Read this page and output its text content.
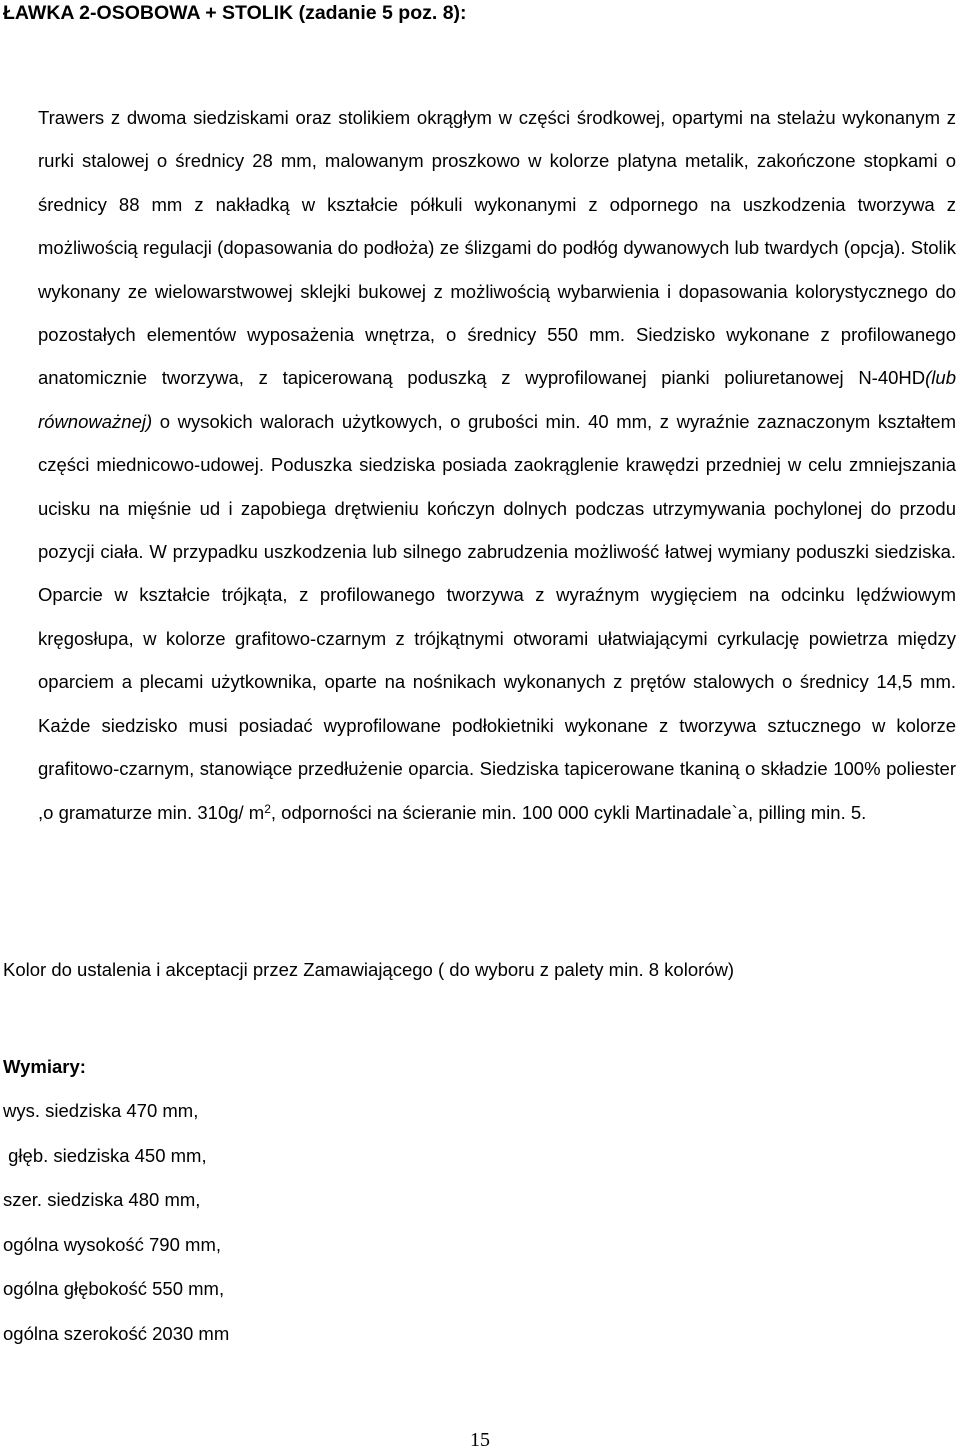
ŁAWKA 2-OSOBOWA + STOLIK (zadanie 5 poz. 8):

Trawers z dwoma siedziskami oraz stolikiem okrągłym w części środkowej, opartymi na stelażu wykonanym z rurki stalowej o średnicy 28 mm, malowanym proszkowo w kolorze platyna metalik, zakończone stopkami o średnicy 88 mm z nakładką w kształcie półkuli wykonanymi z odpornego na uszkodzenia tworzywa z możliwością regulacji (dopasowania do podłoża) ze ślizgami do podłóg dywanowych lub twardych (opcja). Stolik wykonany ze wielowarstwowej sklejki bukowej z możliwością wybarwienia i dopasowania kolorystycznego do pozostałych elementów wyposażenia wnętrza, o średnicy 550 mm. Siedzisko wykonane z profilowanego anatomicznie tworzywa, z tapicerowaną poduszką z wyprofilowanej pianki poliuretanowej N-40HD(lub równoważnej) o wysokich walorach użytkowych, o grubości min. 40 mm, z wyraźnie zaznaczonym kształtem części miednicowo-udowej. Poduszka siedziska posiada zaokrąglenie krawędzi przedniej w celu zmniejszania ucisku na mięśnie ud i zapobiega drętwieniu kończyn dolnych podczas utrzymywania pochylonej do przodu pozycji ciała. W przypadku uszkodzenia lub silnego zabrudzenia możliwość łatwej wymiany poduszki siedziska. Oparcie w kształcie trójkąta, z profilowanego tworzywa z wyraźnym wygięciem na odcinku lędźwiowym kręgosłupa, w kolorze grafitowo-czarnym z trójkątnymi otworami ułatwiającymi cyrkulację powietrza między oparciem a plecami użytkownika, oparte na nośnikach wykonanych z prętów stalowych o średnicy 14,5 mm. Każde siedzisko musi posiadać wyprofilowane podłokietniki wykonane z tworzywa sztucznego w kolorze grafitowo-czarnym, stanowiące przedłużenie oparcia. Siedziska tapicerowane tkaniną o składzie 100% poliester ,o gramaturze min. 310g/ $m^2$, odporności na ścieranie min. 100 000 cykli Martinadale`a, pilling min. 5.

Kolor do ustalenia i akceptacji przez Zamawiającego ( do wyboru z palety min. 8 kolorów)
Wymiary:
wys. siedziska 470 mm,
głęb. siedziska 450 mm,
szer. siedziska 480 mm,
ogólna wysokość 790 mm,
ogólna głębokość 550 mm,
ogólna szerokość 2030 mm
15
